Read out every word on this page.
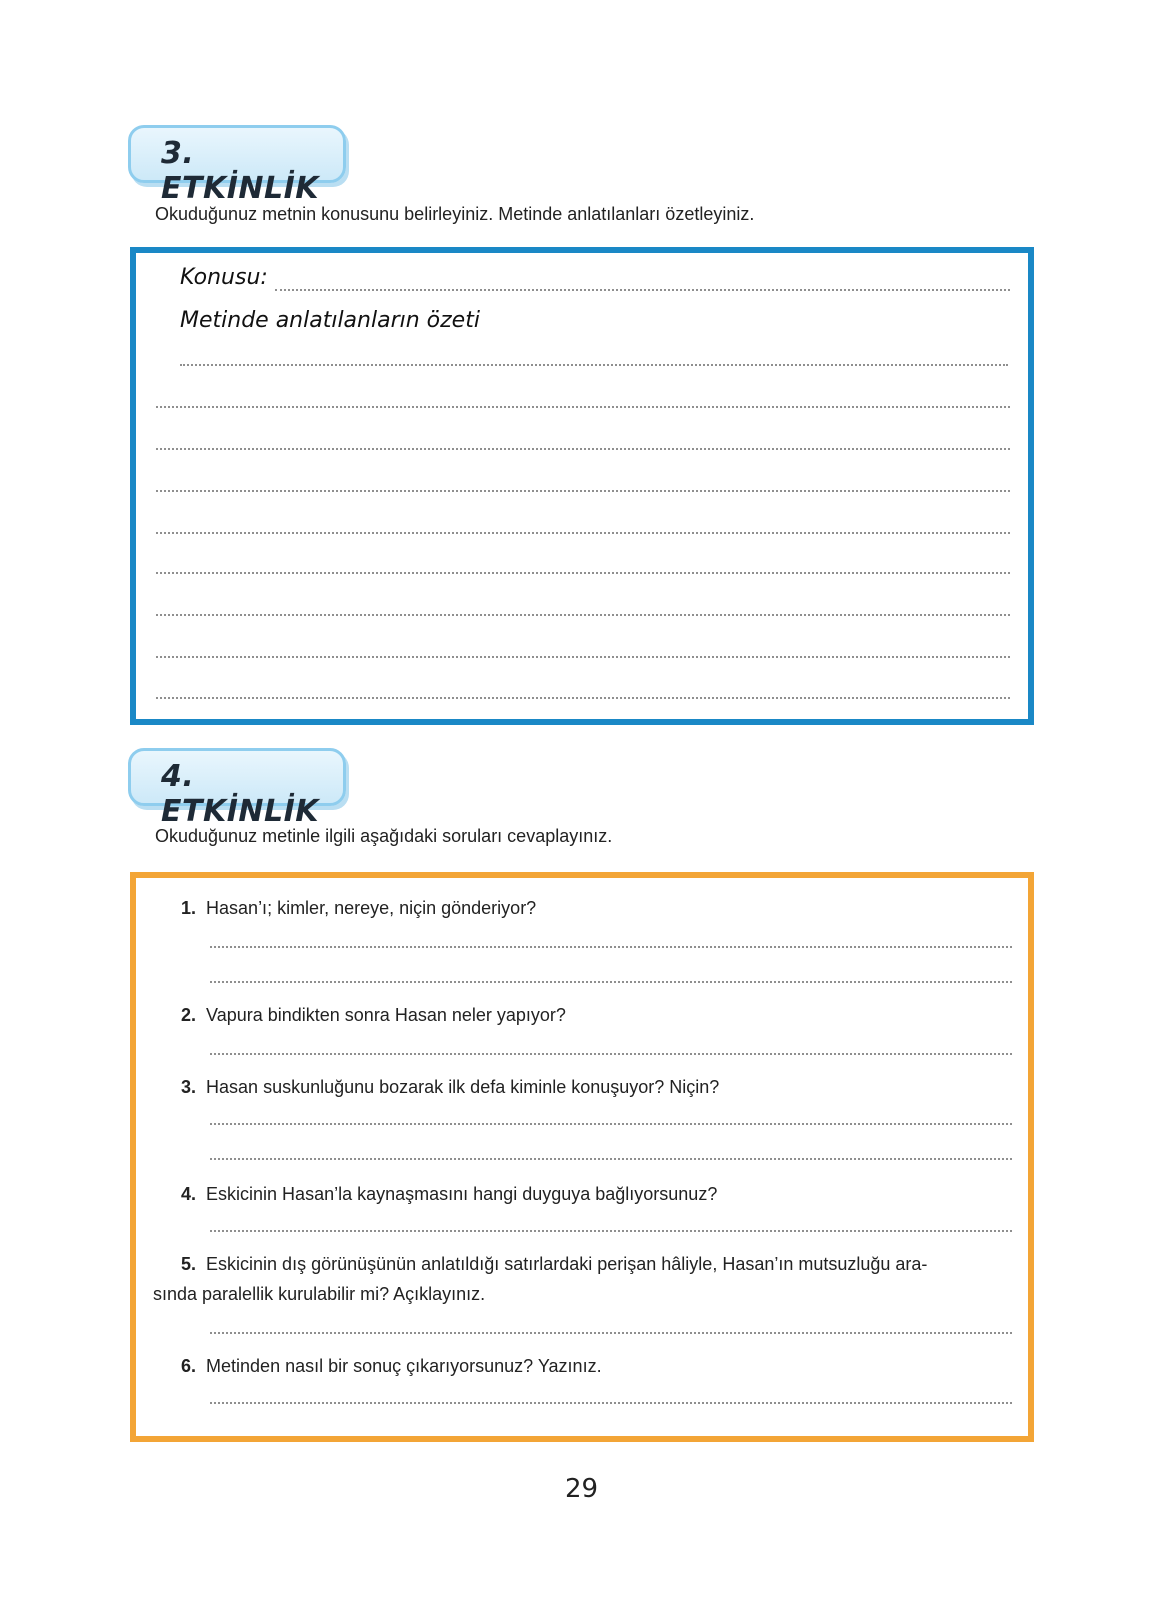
3. ETKİNLİK
Okuduğunuz metnin konusunu belirleyiniz. Metinde anlatılanları özetleyiniz.
Konusu:
Metinde anlatılanların özeti
4. ETKİNLİK
Okuduğunuz metinle ilgili aşağıdaki soruları cevaplayınız.
1. Hasan’ı; kimler, nereye, niçin gönderiyor?
2. Vapura bindikten sonra Hasan neler yapıyor?
3. Hasan suskunluğunu bozarak ilk defa kiminle konuşuyor? Niçin?
4. Eskicinin Hasan’la kaynaşmasını hangi duyguya bağlıyorsunuz?
5. Eskicinin dış görünüşünün anlatıldığı satırlardaki perişan hâliyle, Hasan’ın mutsuzluğu ara-
sında paralellik kurulabilir mi? Açıklayınız.
6. Metinden nasıl bir sonuç çıkarıyorsunuz? Yazınız.
29
